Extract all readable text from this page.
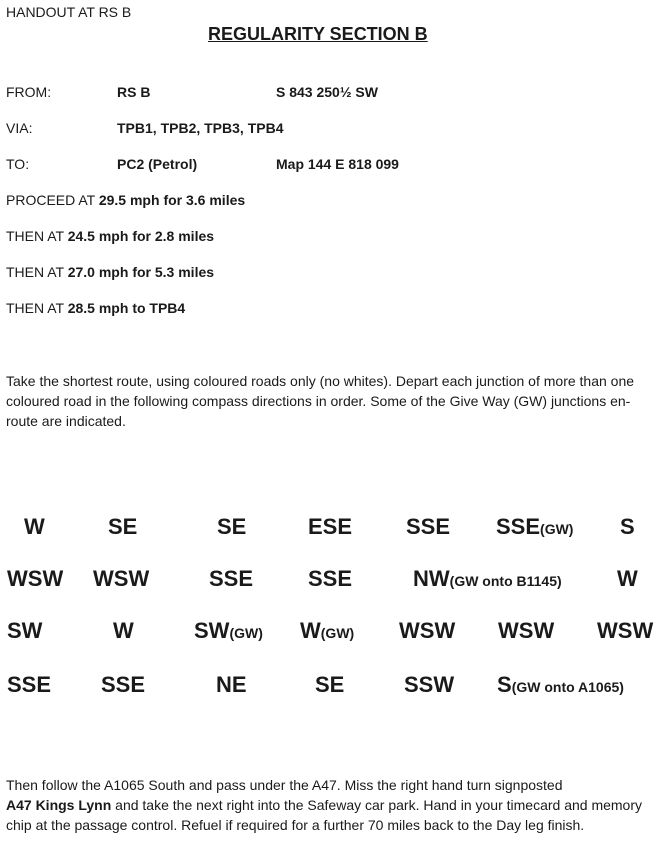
HANDOUT AT RS B
REGULARITY SECTION B
FROM:	RS B	S 843 250½ SW
VIA:	TPB1, TPB2, TPB3, TPB4
TO:	PC2 (Petrol)	Map 144 E 818 099
PROCEED AT 29.5 mph for 3.6 miles
THEN AT 24.5 mph for 2.8 miles
THEN AT 27.0 mph for 5.3 miles
THEN AT 28.5 mph to TPB4
Take the shortest route, using coloured roads only (no whites). Depart each junction of more than one coloured road in the following compass directions in order. Some of the Give Way (GW) junctions en-route are indicated.
W	SE	SE	ESE SSE SSE(GW) S
WSW WSW	SSE SSE	NW(GW onto B1145)	W
SW	W	SW(GW) W(GW) WSW WSW WSW
SSE SSE	NE	SE	SSW S(GW onto A1065)
Then follow the A1065 South and pass under the A47. Miss the right hand turn signposted
A47 Kings Lynn and take the next right into the Safeway car park. Hand in your timecard and memory chip at the passage control. Refuel if required for a further 70 miles back to the Day leg finish.
